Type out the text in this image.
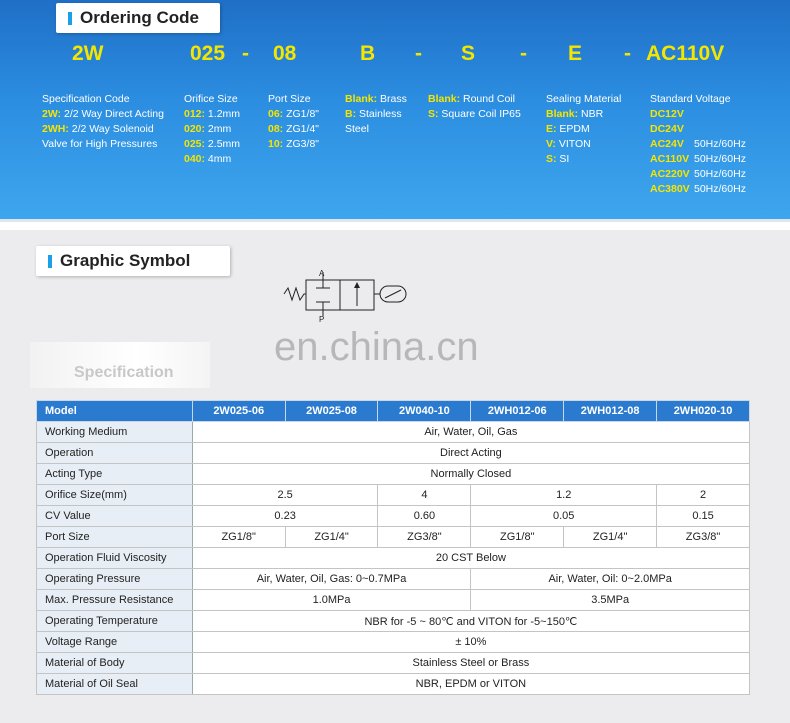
Ordering Code
2W	025 - 08	B - S - E - AC110V
Specification Code
2W: 2/2 Way Direct Acting
2WH: 2/2 Way Solenoid
Valve for High Pressures
Orifice Size
012: 1.2mm
020: 2mm
025: 2.5mm
040: 4mm
Port Size
06: ZG1/8"
08: ZG1/4"
10: ZG3/8"
Blank: Brass
B: Stainless
Steel
Blank: Round Coil
S: Square Coil IP65
Sealing Material
Blank: NBR
E: EPDM
V: VITON
S: SI
Standard Voltage
DC12V
DC24V
AC24V 50Hz/60Hz
AC110V 50Hz/60Hz
AC220V 50Hz/60Hz
AC380V 50Hz/60Hz
Graphic Symbol
A
P
Specification
en.china.cn
Model	2W025-06	2W025-08	2W040-10	2WH012-06	2WH012-08	2WH020-10
Working Medium	Air, Water, Oil, Gas					
Operation	Direct Acting					
Acting Type	Normally Closed					
Orifice Size(mm)	2.5		4	1.2		2
CV Value	0.23		0.60	0.05		0.15
Port Size	ZG1/8"	ZG1/4"	ZG3/8"	ZG1/8"	ZG1/4"	ZG3/8"
Operation Fluid Viscosity	20 CST Below					
Operating Pressure	Air, Water, Oil, Gas: 0~0.7MPa			Air, Water, Oil: 0~2.0MPa		
Max. Pressure Resistance	1.0MPa			3.5MPa		
Operating Temperature	NBR for -5 ~ 80℃ and VITON for -5~150℃					
Voltage Range	± 10%					
Material of Body	Stainless Steel or Brass					
Material of Oil Seal	NBR, EPDM or VITON					
